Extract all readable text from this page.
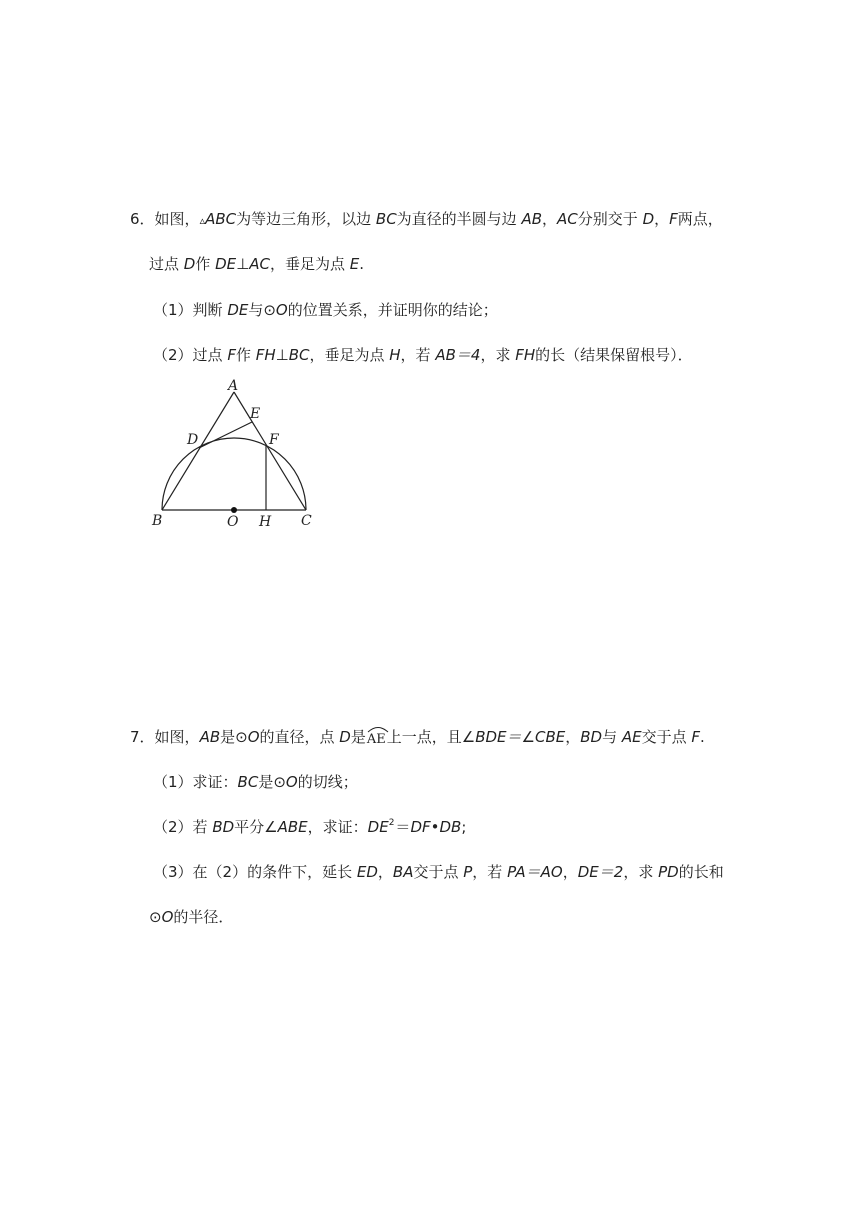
6．如图，▵ABC为等边三角形，以边 BC为直径的半圆与边 AB，AC分别交于 D，F两点，
过点 D作 DE⊥AC，垂足为点 E.
（1）判断 DE与⊙O的位置关系，并证明你的结论；
（2）过点 F作 FH⊥BC，垂足为点 H，若 AB＝4，求 FH的长（结果保留根号）．
A
E
D	F
B	O H C
7．如图，AB是⊙O的直径，点 D是
AE上一点，且∠BDE＝∠CBE，BD与 AE交于点 F.
（1）求证：BC是⊙O的切线；
（2）若 BD平分∠ABE，求证：$DE^2=DF•DB$;
（3）在（2）的条件下，延长 ED，BA交于点 P，若 PA＝AO，DE＝2，求 PD的长和
⊙O的半径．
